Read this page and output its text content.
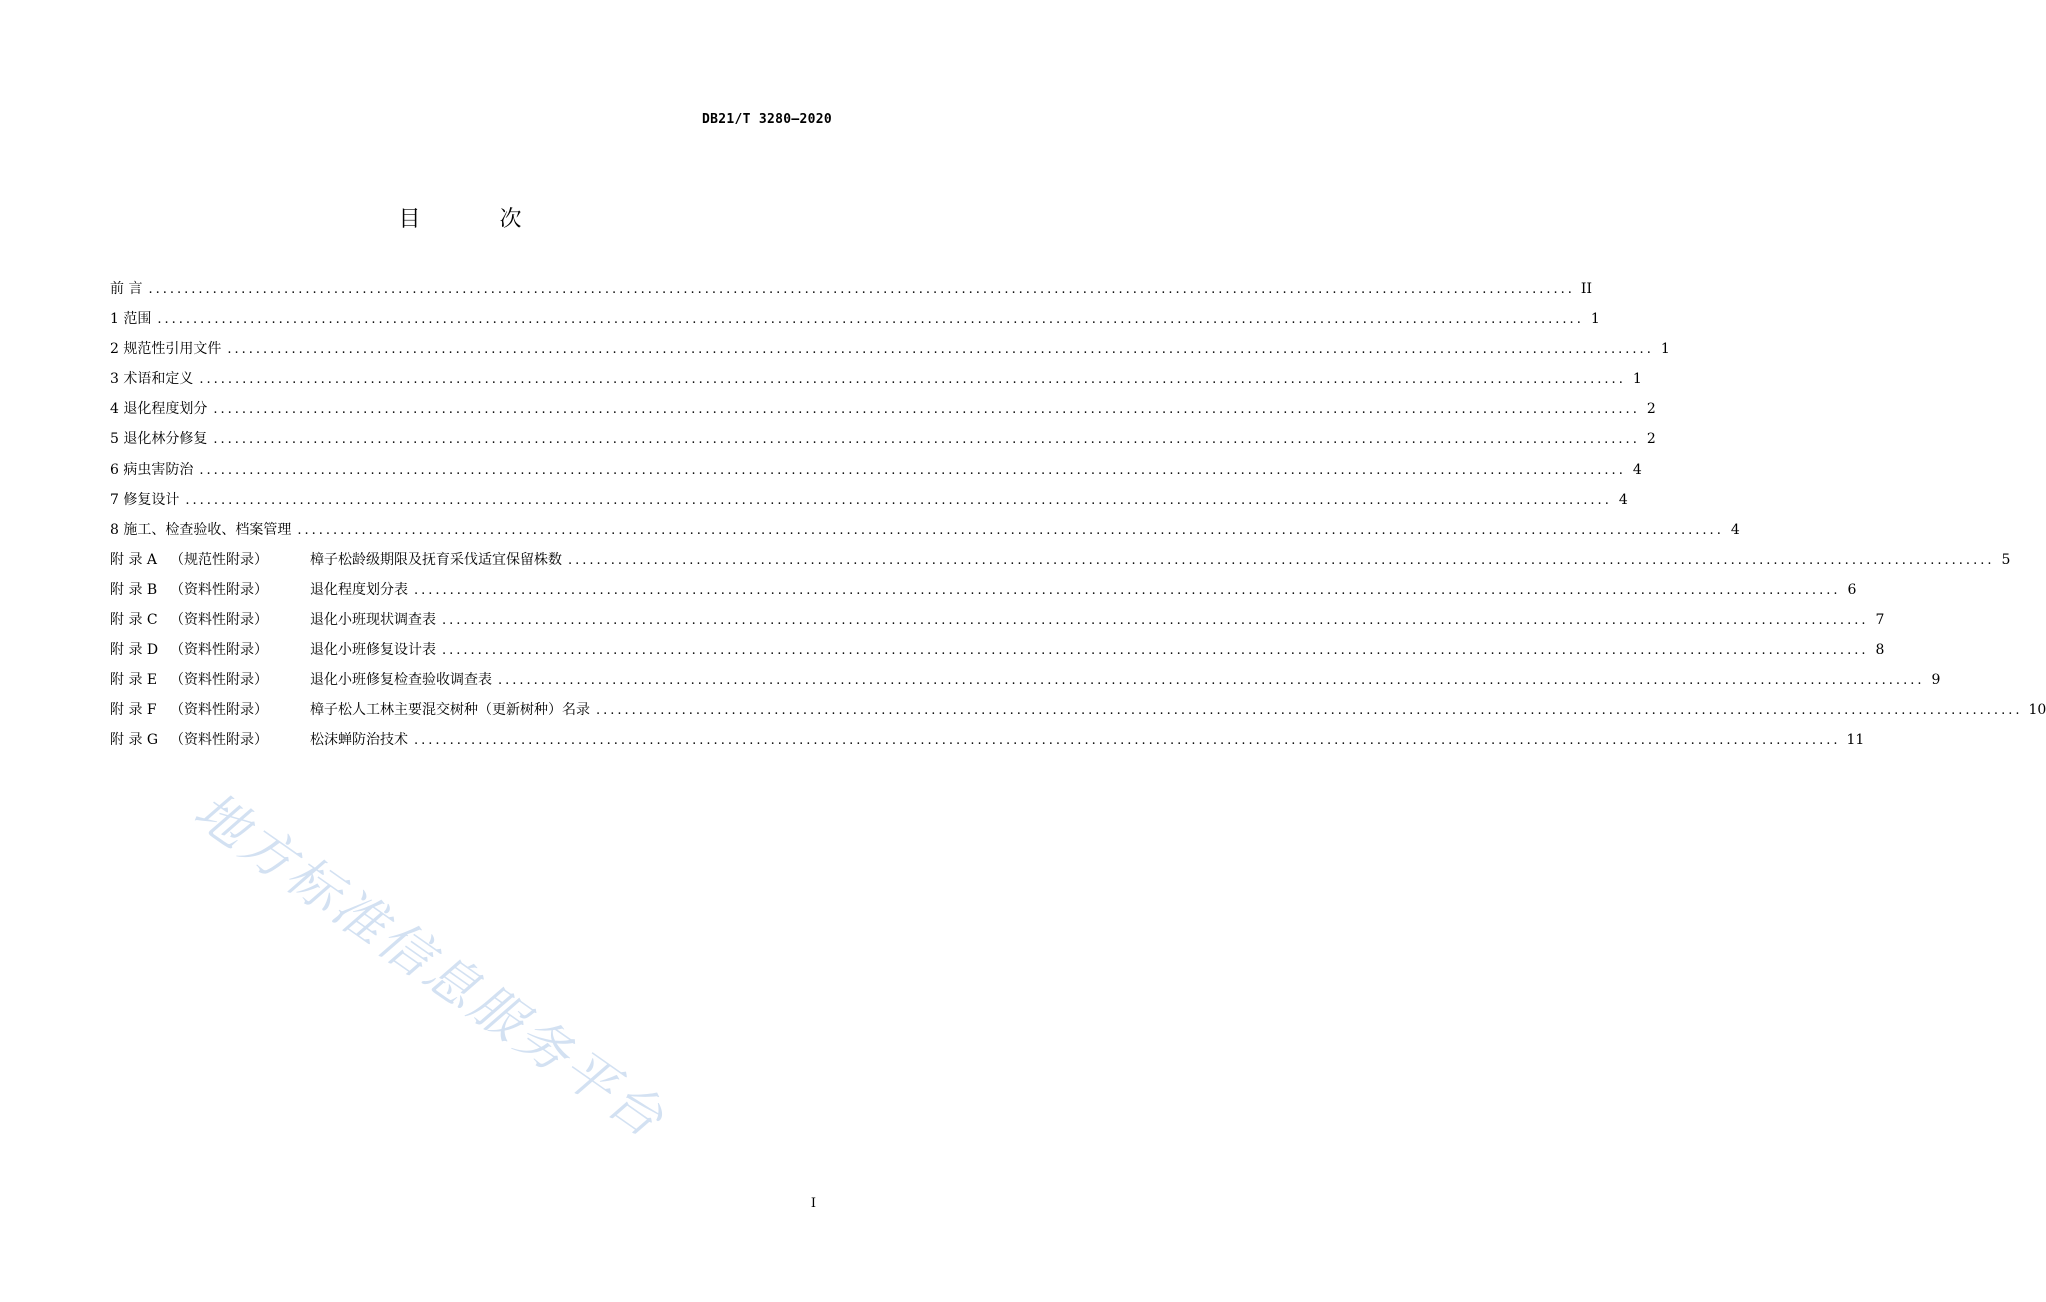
DB21/T 3280—2020
目 次
前 言 ........................................................................................................................................................................................................ II
1 范围 ........................................................................................................................................................................................................ 1
2 规范性引用文件 ........................................................................................................................................................................................................ 1
3 术语和定义 ........................................................................................................................................................................................................ 1
4 退化程度划分 ........................................................................................................................................................................................................ 2
5 退化林分修复 ........................................................................................................................................................................................................ 2
6 病虫害防治 ........................................................................................................................................................................................................ 4
7 修复设计 ........................................................................................................................................................................................................ 4
8 施工、检查验收、档案管理 ........................................................................................................................................................................................................ 4
附 录 A （规范性附录）	樟子松龄级期限及抚育采伐适宜保留株数 ........................................................................................................................................................................................................ 5
附 录 B （资料性附录）	退化程度划分表 ........................................................................................................................................................................................................ 6
附 录 C （资料性附录）	退化小班现状调查表 ........................................................................................................................................................................................................ 7
附 录 D （资料性附录）	退化小班修复设计表 ........................................................................................................................................................................................................ 8
附 录 E （资料性附录）	退化小班修复检查验收调查表 ........................................................................................................................................................................................................ 9
附 录 F （资料性附录）	樟子松人工林主要混交树种（更新树种）名录 ........................................................................................................................................................................................................ 10
附 录 G （资料性附录）	松沫蝉防治技术 ........................................................................................................................................................................................................ 11
地方标准信息服务平台
I
